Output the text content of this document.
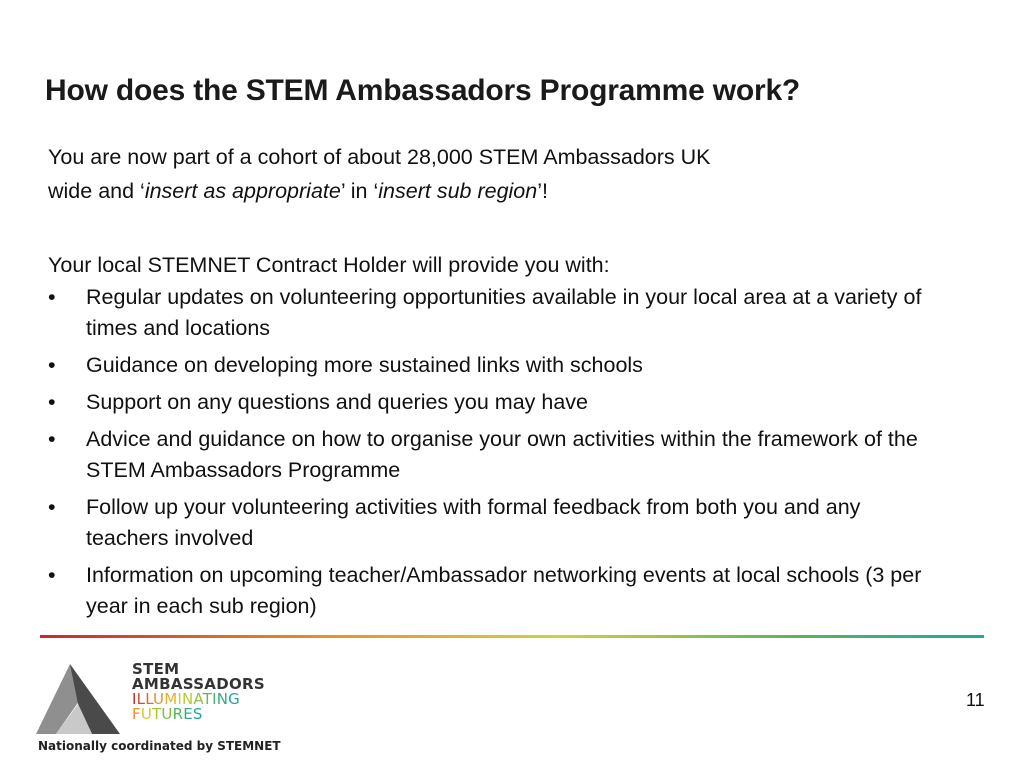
How does the STEM Ambassadors Programme work?

You are now part of a cohort of about 28,000 STEM Ambassadors UK

wide and ‘insert as appropriate’ in ‘insert sub region’!

Your local STEMNET Contract Holder will provide you with:

• Regular updates on volunteering opportunities available in your local area at a variety of times and locations
• Guidance on developing more sustained links with schools
• Support on any questions and queries you may have
• Advice and guidance on how to organise your own activities within the framework of the STEM Ambassadors Programme
• Follow up your volunteering activities with formal feedback from both you and any teachers involved
• Information on upcoming teacher/Ambassador networking events at local schools (3 per year in each sub region)
STEM
AMBASSADORS
ILLUMINATING
FUTURES
Nationally coordinated by STEMNET
11
